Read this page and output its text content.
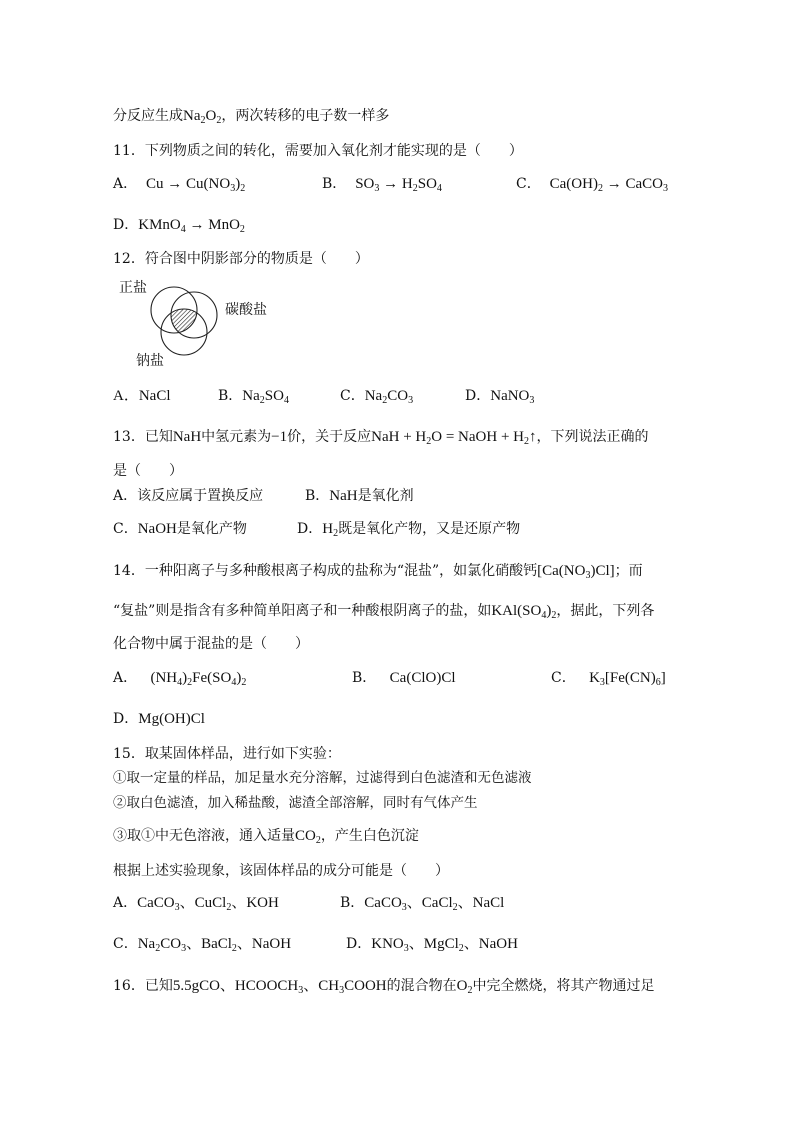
分反应生成$Na_2O_2$，两次转移的电子数一样多
11．下列物质之间的转化，需要加入氧化剂才能实现的是（　　）
A． $Cu \to Cu(NO_3)_2$	B． $SO_3 \to H_2SO_4$	C． $Ca(OH)_2$ → CaCO$_3$
D．KMnO$_4$ → MnO$_2$
12．符合图中阴影部分的物质是（　　）
正盐
碳酸盐
钠盐
A．NaCl	B．$Na_2SO_4$	C．$Na_2CO_3$	D．NaNO$_3$
13．已知NaH中氢元素为−1价，关于反应NaH + $H_2O$ = NaOH + $H_2↑$，下列说法正确的
是（　　）
A．该反应属于置换反应	B．NaH是氧化剂
C．NaOH是氧化产物	D．$H_2$既是氧化产物，又是还原产物
14．一种阳离子与多种酸根离子构成的盐称为“混盐”，如氯化硝酸钙$[Ca(NO_3)Cl]$；而
“复盐”则是指含有多种简单阳离子和一种酸根阴离子的盐，如$KAl(SO_4)_2$，据此，下列各
化合物中属于混盐的是（　　）
A． $(NH_4)_2Fe(SO_4)_2$	B． Ca(ClO)Cl	C． $K_3[Fe(CN)_6]$
D．Mg(OH)Cl
15．取某固体样品，进行如下实验：
①取一定量的样品，加足量水充分溶解，过滤得到白色滤渣和无色滤液
②取白色滤渣，加入稀盐酸，滤渣全部溶解，同时有气体产生
③取①中无色溶液，通入适量$CO_2$，产生白色沉淀
根据上述实验现象，该固体样品的成分可能是（　　）
A．CaCO$_3$、CuCl$_2$、KOH	B．CaCO$_3$、CaCl$_2$、NaCl
C．$Na_2CO_3$、BaCl$_2$、NaOH	D．$KNO_3$、MgCl$_2$、NaOH
16．已知5.5gCO、$HCOOCH_3$、$CH_3COOH$的混合物在$O_2$中完全燃烧，将其产物通过足
